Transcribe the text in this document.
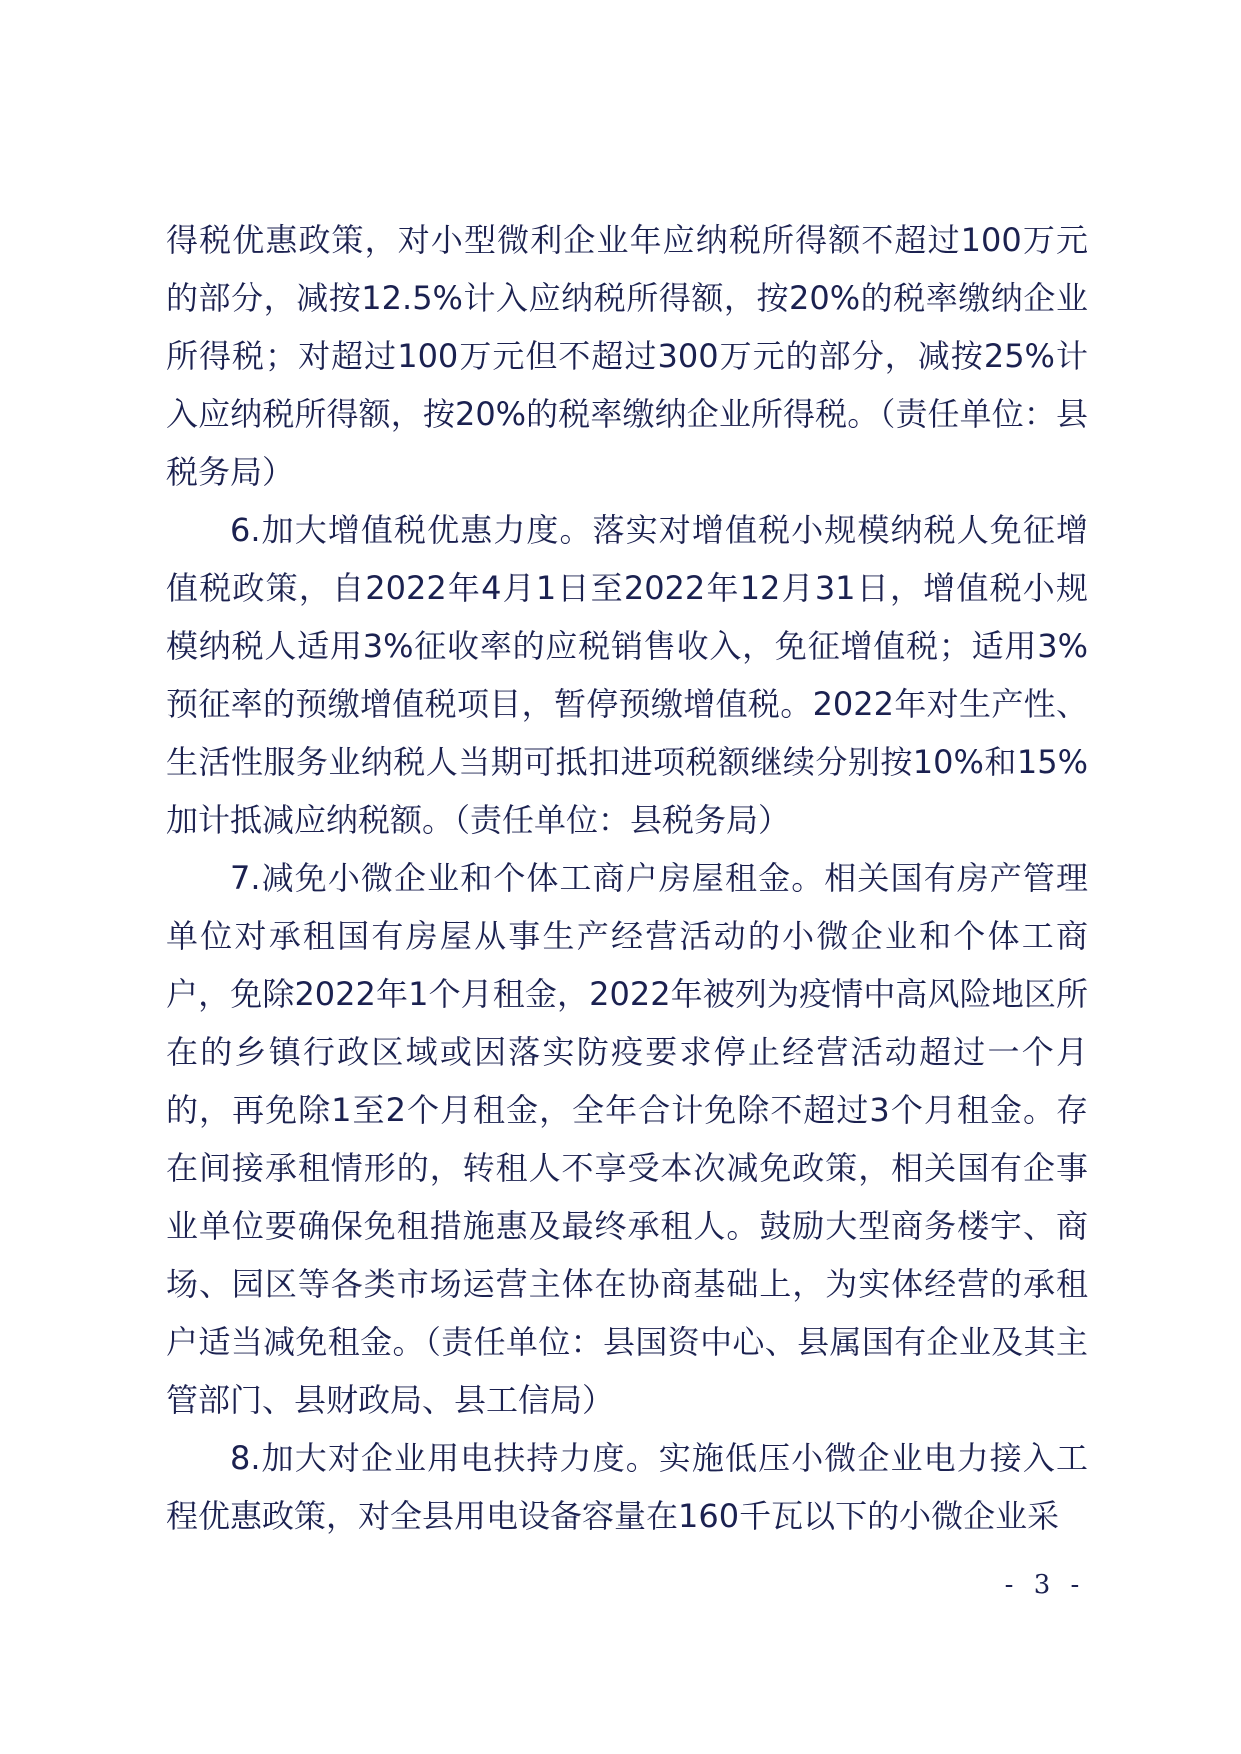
得税优惠政策，对小型微利企业年应纳税所得额不超过100万元的部分，减按12.5%计入应纳税所得额，按20%的税率缴纳企业所得税；对超过100万元但不超过300万元的部分，减按25%计入应纳税所得额，按20%的税率缴纳企业所得税。（责任单位：县税务局）

6.加大增值税优惠力度。落实对增值税小规模纳税人免征增值税政策，自2022年4月1日至2022年12月31日，增值税小规模纳税人适用3%征收率的应税销售收入，免征增值税；适用3%预征率的预缴增值税项目，暂停预缴增值税。2022年对生产性、生活性服务业纳税人当期可抵扣进项税额继续分别按10%和15%加计抵减应纳税额。（责任单位：县税务局）

7.减免小微企业和个体工商户房屋租金。相关国有房产管理单位对承租国有房屋从事生产经营活动的小微企业和个体工商户，免除2022年1个月租金，2022年被列为疫情中高风险地区所在的乡镇行政区域或因落实防疫要求停止经营活动超过一个月的，再免除1至2个月租金，全年合计免除不超过3个月租金。存在间接承租情形的，转租人不享受本次减免政策，相关国有企事业单位要确保免租措施惠及最终承租人。鼓励大型商务楼宇、商场、园区等各类市场运营主体在协商基础上，为实体经营的承租户适当减免租金。（责任单位：县国资中心、县属国有企业及其主管部门、县财政局、县工信局）

8.加大对企业用电扶持力度。实施低压小微企业电力接入工程优惠政策，对全县用电设备容量在160千瓦以下的小微企业采

- 3 -
